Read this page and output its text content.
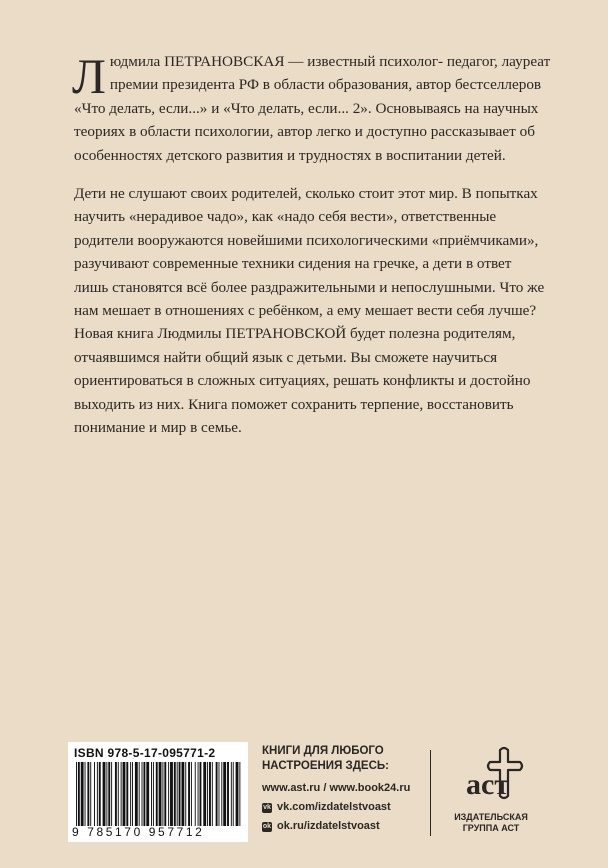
Людмила ПЕТРАНОВСКАЯ — известный психолог- педагог, лауреат премии президента РФ в области образования, автор бестселлеров «Что делать, если...» и «Что делать, если... 2». Основываясь на научных теориях в области психологии, автор легко и доступно рассказывает об особенностях детского развития и трудностях в воспитании детей.

Дети не слушают своих родителей, сколько стоит этот мир. В попытках научить «нерадивое чадо», как «надо себя вести», ответственные родители вооружаются новейшими психологическими «приёмчиками», разучивают современные техники сидения на гречке, а дети в ответ лишь становятся всё более раздражительными и непослушными. Что же нам мешает в отношениях с ребёнком, а ему мешает вести себя лучше? Новая книга Людмилы ПЕТРАНОВСКОЙ будет полезна родителям, отчаявшимся найти общий язык с детьми. Вы сможете научиться ориентироваться в сложных ситуациях, решать конфликты и достойно выходить из них. Книга поможет сохранить терпение, восстановить понимание и мир в семье.

ISBN 978-5-17-095771-2
9 785170 957712
КНИГИ ДЛЯ ЛЮБОГО
НАСТРОЕНИЯ ЗДЕСЬ:
www.ast.ru / www.book24.ru
vk vk.com/izdatelstvoast
ok ok.ru/izdatelstvoast
аст
ИЗДАТЕЛЬСКАЯ ГРУППА АСТ
